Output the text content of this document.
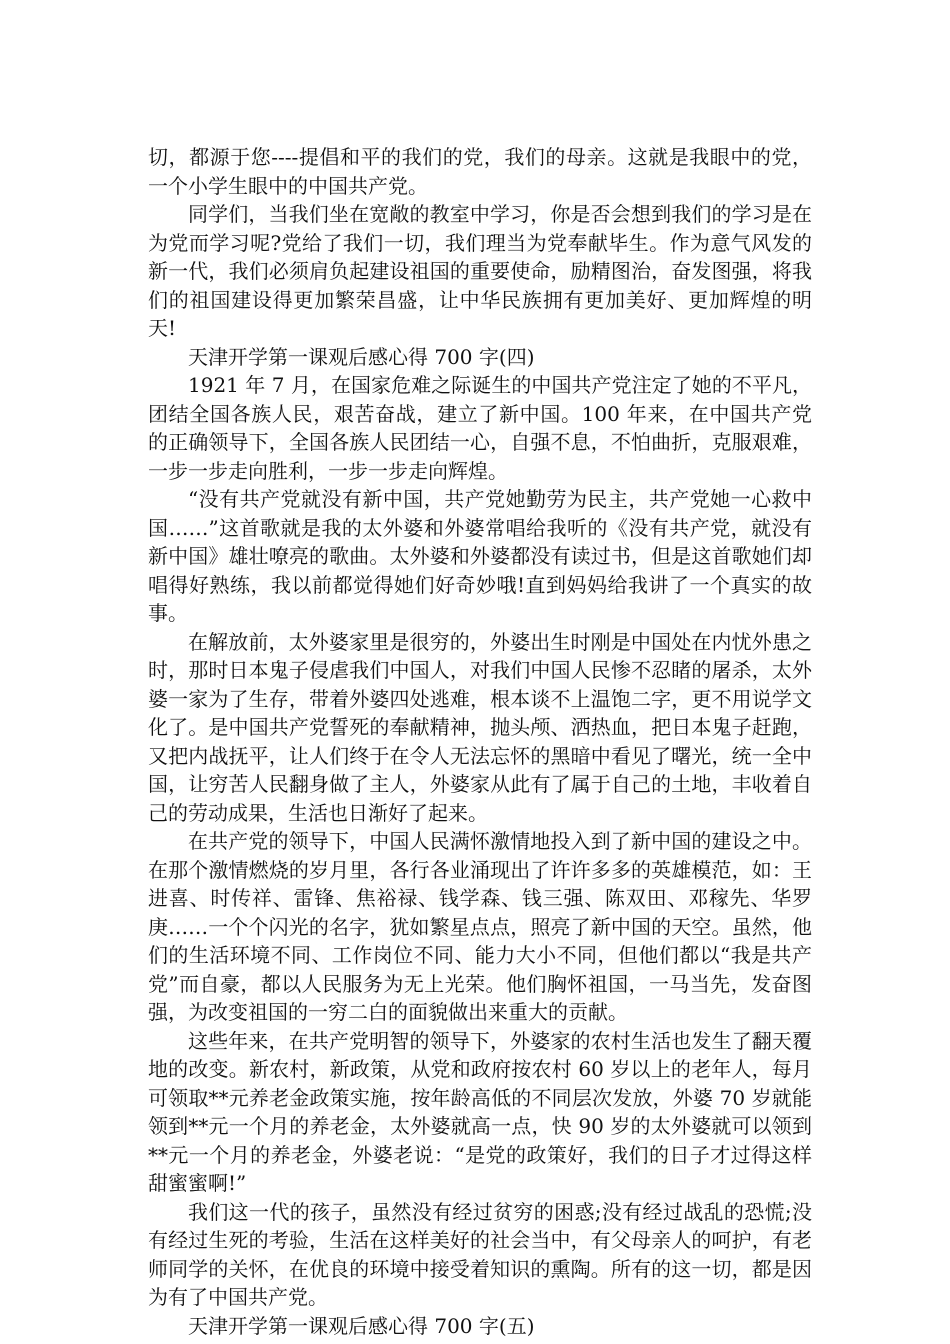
切，都源于您----提倡和平的我们的党，我们的母亲。这就是我眼中的党，一个小学生眼中的中国共产党。

同学们，当我们坐在宽敞的教室中学习，你是否会想到我们的学习是在为党而学习呢?党给了我们一切，我们理当为党奉献毕生。作为意气风发的新一代，我们必须肩负起建设祖国的重要使命，励精图治，奋发图强，将我们的祖国建设得更加繁荣昌盛，让中华民族拥有更加美好、更加辉煌的明天!

天津开学第一课观后感心得 700 字(四)

1921 年 7 月，在国家危难之际诞生的中国共产党注定了她的不平凡，团结全国各族人民，艰苦奋战，建立了新中国。100 年来，在中国共产党的正确领导下，全国各族人民团结一心，自强不息，不怕曲折，克服艰难，一步一步走向胜利，一步一步走向辉煌。

“没有共产党就没有新中国，共产党她勤劳为民主，共产党她一心救中国……”这首歌就是我的太外婆和外婆常唱给我听的《没有共产党，就没有新中国》雄壮嘹亮的歌曲。太外婆和外婆都没有读过书，但是这首歌她们却唱得好熟练，我以前都觉得她们好奇妙哦!直到妈妈给我讲了一个真实的故事。

在解放前，太外婆家里是很穷的，外婆出生时刚是中国处在内忧外患之时，那时日本鬼子侵虐我们中国人，对我们中国人民惨不忍睹的屠杀，太外婆一家为了生存，带着外婆四处逃难，根本谈不上温饱二字，更不用说学文化了。是中国共产党誓死的奉献精神，抛头颅、洒热血，把日本鬼子赶跑，又把内战抚平，让人们终于在令人无法忘怀的黑暗中看见了曙光，统一全中国，让穷苦人民翻身做了主人，外婆家从此有了属于自己的土地，丰收着自己的劳动成果，生活也日渐好了起来。

在共产党的领导下，中国人民满怀激情地投入到了新中国的建设之中。在那个激情燃烧的岁月里，各行各业涌现出了许许多多的英雄模范，如：王进喜、时传祥、雷锋、焦裕禄、钱学森、钱三强、陈双田、邓稼先、华罗庚……一个个闪光的名字，犹如繁星点点，照亮了新中国的天空。虽然，他们的生活环境不同、工作岗位不同、能力大小不同，但他们都以“我是共产党”而自豪，都以人民服务为无上光荣。他们胸怀祖国，一马当先，发奋图强，为改变祖国的一穷二白的面貌做出来重大的贡献。

这些年来，在共产党明智的领导下，外婆家的农村生活也发生了翻天覆地的改变。新农村，新政策，从党和政府按农村 60 岁以上的老年人，每月可领取**元养老金政策实施，按年龄高低的不同层次发放，外婆 70 岁就能领到**元一个月的养老金，太外婆就高一点，快 90 岁的太外婆就可以领到**元一个月的养老金，外婆老说：“是党的政策好，我们的日子才过得这样甜蜜蜜啊!”

我们这一代的孩子，虽然没有经过贫穷的困惑;没有经过战乱的恐慌;没有经过生死的考验，生活在这样美好的社会当中，有父母亲人的呵护，有老师同学的关怀，在优良的环境中接受着知识的熏陶。所有的这一切，都是因为有了中国共产党。

天津开学第一课观后感心得 700 字(五)
